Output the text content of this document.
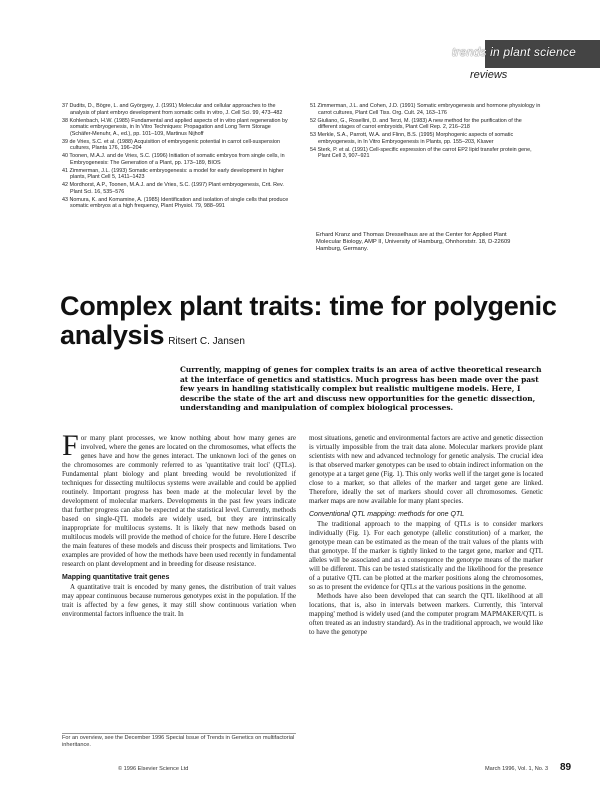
trends in plant science
reviews
37 Dudits, D., Bögre, L. and Györgyey, J. (1991) Molecular and cellular approaches to the analysis of plant embryo development from somatic cells in vitro, J. Cell Sci. 99, 473–482
38 Kohlenbach, H.W. (1985) Fundamental and applied aspects of in vitro plant regeneration by somatic embryogenesis, in In Vitro Techniques: Propagation and Long Term Storage (Schäfer-Menuhr, A., ed.), pp. 101–109, Martinus Nijhoff
39 de Vries, S.C. et al. (1988) Acquisition of embryogenic potential in carrot cell-suspension cultures, Planta 176, 196–204
40 Toonen, M.A.J. and de Vries, S.C. (1996) Initiation of somatic embryos from single cells, in Embryogenesis: The Generation of a Plant, pp. 173–189, BIOS
41 Zimmerman, J.L. (1993) Somatic embryogenesis: a model for early development in higher plants, Plant Cell 5, 1411–1423
42 Mordhorst, A.P., Toonen, M.A.J. and de Vries, S.C. (1997) Plant embryogenesis, Crit. Rev. Plant Sci. 16, 535–576
43 Nomura, K. and Komamine, A. (1985) Identification and isolation of single cells that produce somatic embryos at a high frequency, Plant Physiol. 79, 988–991
51 Zimmerman, J.L. and Cohen, J.D. (1991) Somatic embryogenesis and hormone physiology in carrot cultures, Plant Cell Tiss. Org. Cult. 24, 163–176
52 Giuliano, G., Rosellini, D. and Terzi, M. (1983) A new method for the purification of the different stages of carrot embryoids, Plant Cell Rep. 2, 216–218
53 Merkle, S.A., Parrott, W.A. and Flinn, B.S. (1995) Morphogenic aspects of somatic embryogenesis, in In Vitro Embryogenesis in Plants, pp. 155–203, Kluwer
54 Sterk, P. et al. (1991) Cell-specific expression of the carrot EP2 lipid transfer protein gene, Plant Cell 3, 907–921
Erhard Kranz and Thomas Dresselhaus are at the Center for Applied Plant Molecular Biology, AMP II, University of Hamburg, Ohnhorststr. 18, D-22609 Hamburg, Germany.
Complex plant traits: time for polygenic analysis Ritsert C. Jansen
Currently, mapping of genes for complex traits is an area of active theoretical research at the interface of genetics and statistics. Much progress has been made over the past few years in handling statistically complex but realistic multigene models. Here, I describe the state of the art and discuss new opportunities for the genetic dissection, understanding and manipulation of complex biological processes.

For many plant processes, we know nothing about how many genes are involved, where the genes are located on the chromosomes, what effects the genes have and how the genes interact. The unknown loci of the genes on the chromosomes are commonly referred to as 'quantitative trait loci' (QTLs). Fundamental plant biology and plant breeding would be revolutionized if techniques for dissecting multilocus systems were available and could be applied routinely. Important progress has been made at the molecular level by the development of molecular markers. Developments in the past few years indicate that further progress can also be expected at the statistical level. Currently, methods based on single-QTL models are widely used, but they are intrinsically inappropriate for multilocus systems. It is likely that new methods based on multilocus models will provide the method of choice for the future. Here I describe the main features of these models and discuss their prospects and limitations. Two examples are provided of how the methods have been used recently in fundamental research on plant development and in breeding for disease resistance.

Mapping quantitative trait genes

A quantitative trait is encoded by many genes, the distribution of trait values may appear continuous because numerous genotypes exist in the population. If the trait is affected by a few genes, it may still show continuous variation when environmental factors influence the trait. In

For an overview, see the December 1996 Special Issue of Trends in Genetics on multifactorial inheritance.

most situations, genetic and environmental factors are active and genetic dissection is virtually impossible from the trait data alone. Molecular markers provide plant scientists with new and advanced technology for genetic analysis. The crucial idea is that observed marker genotypes can be used to obtain indirect information on the genotype at a target gene (Fig. 1). This only works well if the target gene is located close to a marker, so that alleles of the marker and target gene are linked. Therefore, ideally the set of markers should cover all chromosomes. Genetic marker maps are now available for many plant species.

Conventional QTL mapping: methods for one QTL

The traditional approach to the mapping of QTLs is to consider markers individually (Fig. 1). For each genotype (allelic constitution) of a marker, the genotype mean can be estimated as the mean of the trait values of the plants with that genotype. If the marker is tightly linked to the target gene, marker and QTL alleles will be associated and as a consequence the genotype means of the marker will be different. This can be tested statistically and the likelihood for the presence of a putative QTL can be plotted at the marker positions along the chromosomes, so as to present the evidence for QTLs at the various positions in the genome.

Methods have also been developed that can search the QTL likelihood at all locations, that is, also in intervals between markers. Currently, this 'interval mapping' method is widely used (and the computer program MAPMAKER/QTL is often treated as an industry standard). As in the traditional approach, we would like to have the genotype

© 1996 Elsevier Science Ltd	March 1996, Vol. 1, No. 3 89
